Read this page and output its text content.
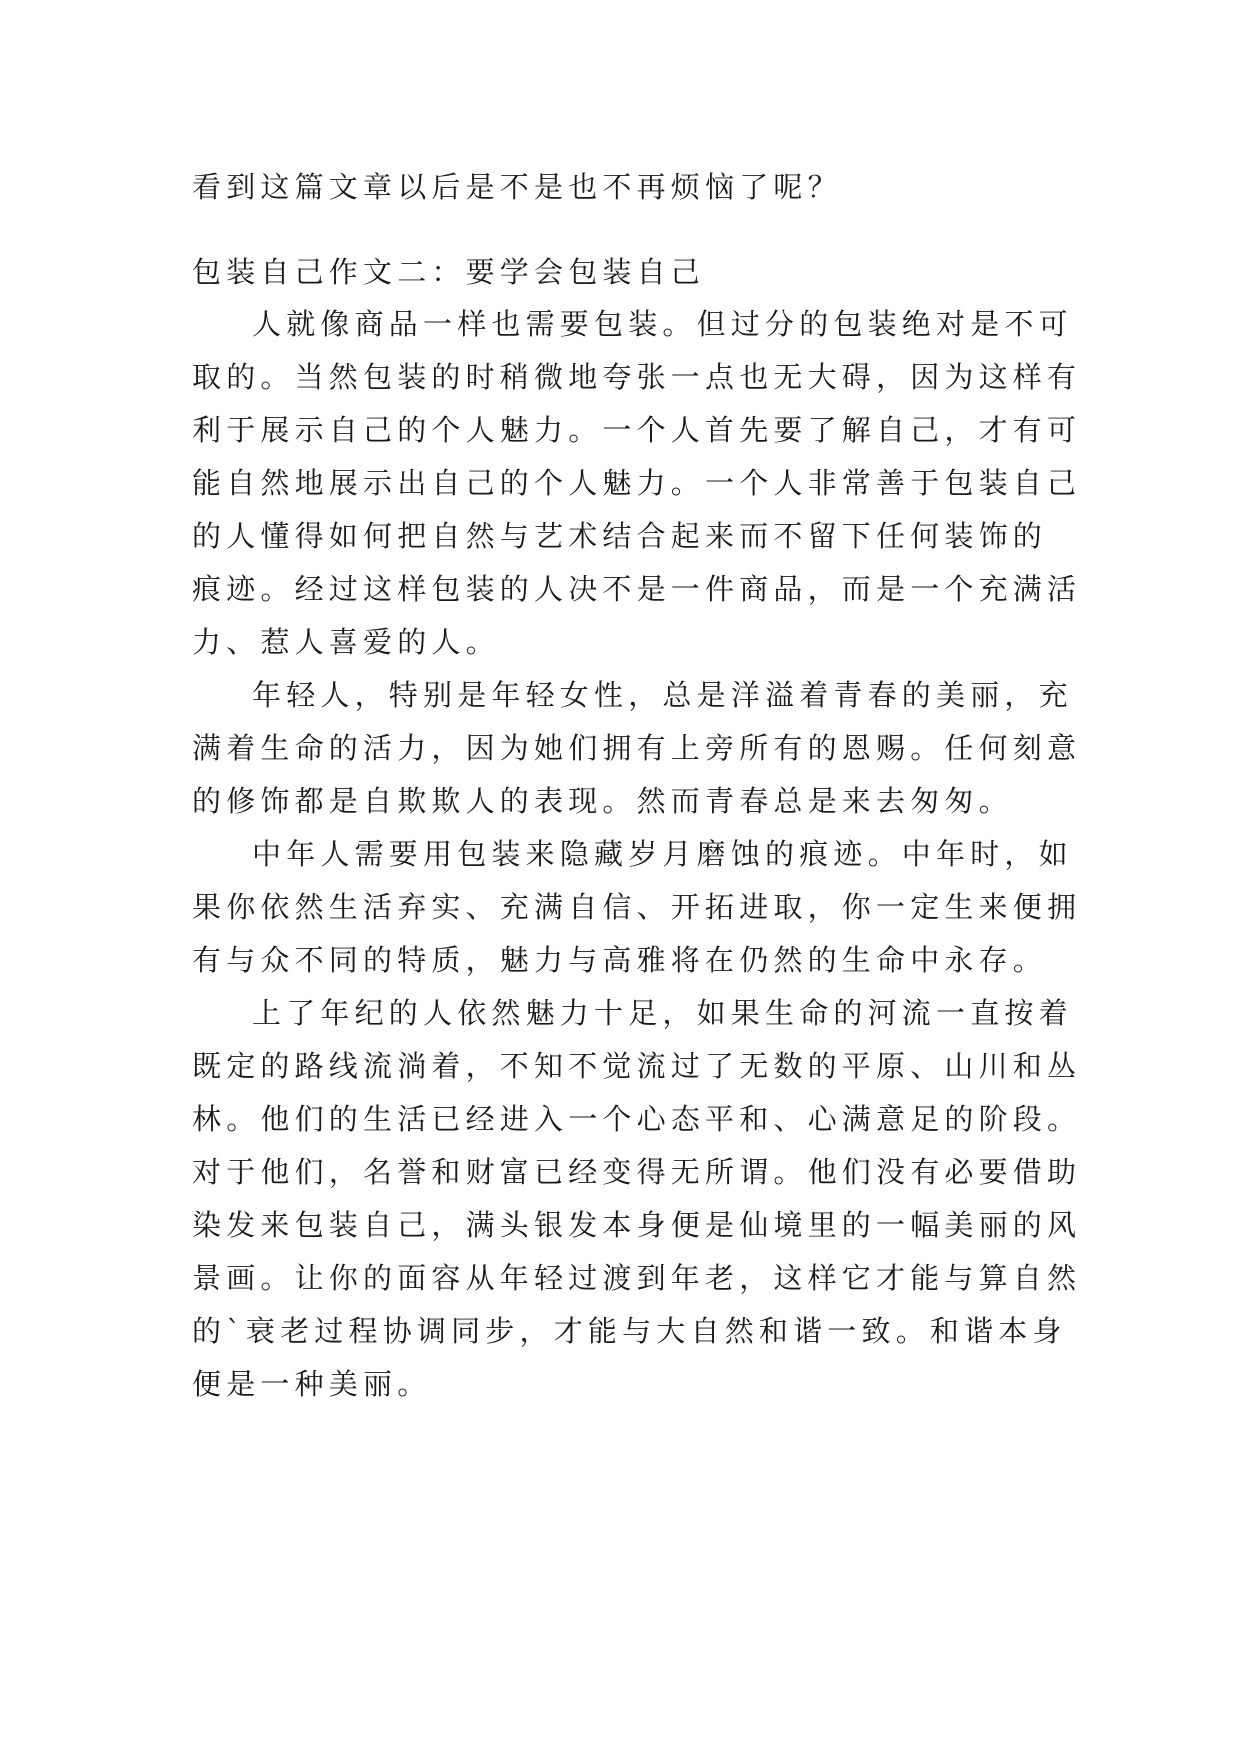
看到这篇文章以后是不是也不再烦恼了呢？
包装自己作文二：要学会包装自己
人就像商品一样也需要包装。但过分的包装绝对是不可
取的。当然包装的时稍微地夸张一点也无大碍，因为这样有
利于展示自己的个人魅力。一个人首先要了解自己，才有可
能自然地展示出自己的个人魅力。一个人非常善于包装自己
的人懂得如何把自然与艺术结合起来而不留下任何装饰的
痕迹。经过这样包装的人决不是一件商品，而是一个充满活
力、惹人喜爱的人。
年轻人，特别是年轻女性，总是洋溢着青春的美丽，充
满着生命的活力，因为她们拥有上旁所有的恩赐。任何刻意
的修饰都是自欺欺人的表现。然而青春总是来去匆匆。
中年人需要用包装来隐藏岁月磨蚀的痕迹。中年时，如
果你依然生活弃实、充满自信、开拓进取，你一定生来便拥
有与众不同的特质，魅力与高雅将在仍然的生命中永存。
上了年纪的人依然魅力十足，如果生命的河流一直按着
既定的路线流淌着，不知不觉流过了无数的平原、山川和丛
林。他们的生活已经进入一个心态平和、心满意足的阶段。
对于他们，名誉和财富已经变得无所谓。他们没有必要借助
染发来包装自己，满头银发本身便是仙境里的一幅美丽的风
景画。让你的面容从年轻过渡到年老，这样它才能与算自然
的`衰老过程协调同步，才能与大自然和谐一致。和谐本身
便是一种美丽。
